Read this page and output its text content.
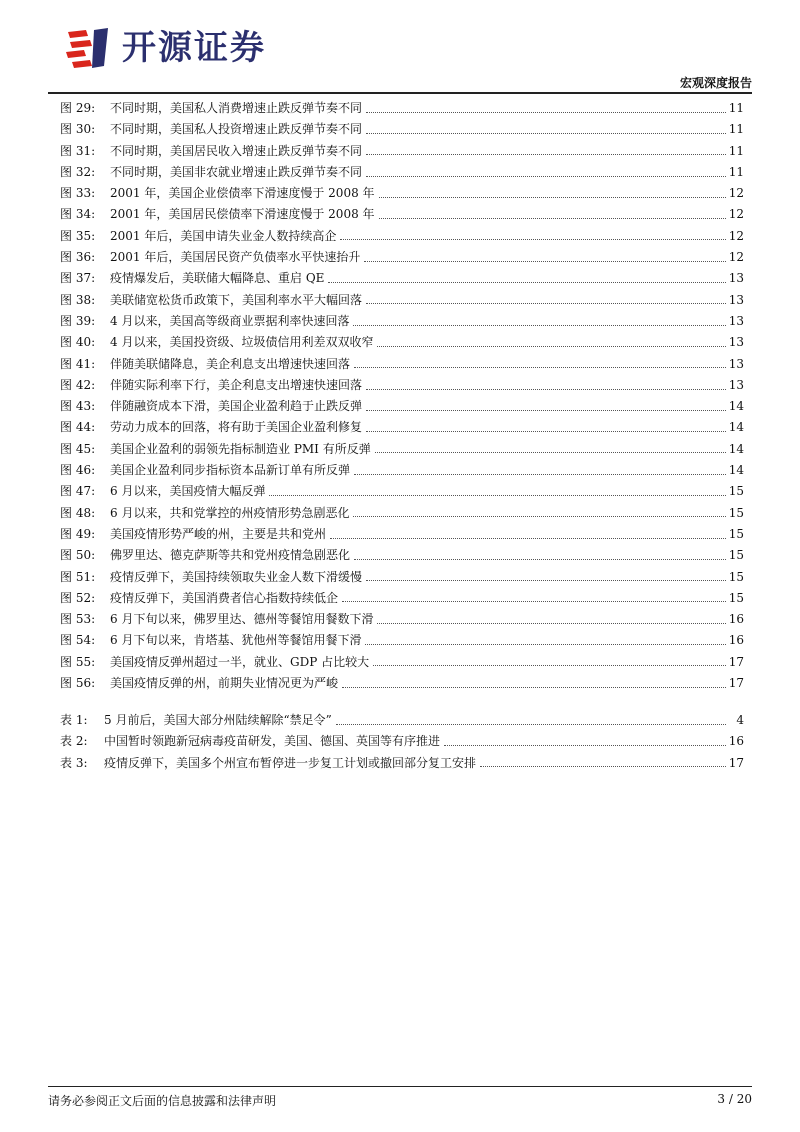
开源证券
宏观深度报告
图 29:	不同时期，美国私人消费增速止跌反弹节奏不同	11
图 30:	不同时期，美国私人投资增速止跌反弹节奏不同	11
图 31:	不同时期，美国居民收入增速止跌反弹节奏不同	11
图 32:	不同时期，美国非农就业增速止跌反弹节奏不同	11
图 33:	2001 年，美国企业偿债率下滑速度慢于 2008 年	12
图 34:	2001 年，美国居民偿债率下滑速度慢于 2008 年	12
图 35:	2001 年后，美国申请失业金人数持续高企	12
图 36:	2001 年后，美国居民资产负债率水平快速抬升	12
图 37:	疫情爆发后，美联储大幅降息、重启 QE	13
图 38:	美联储宽松货币政策下，美国利率水平大幅回落	13
图 39:	4 月以来，美国高等级商业票据利率快速回落	13
图 40:	4 月以来，美国投资级、垃圾债信用利差双双收窄	13
图 41:	伴随美联储降息，美企利息支出增速快速回落	13
图 42:	伴随实际利率下行，美企利息支出增速快速回落	13
图 43:	伴随融资成本下滑，美国企业盈利趋于止跌反弹	14
图 44:	劳动力成本的回落，将有助于美国企业盈利修复	14
图 45:	美国企业盈利的弱领先指标制造业 PMI 有所反弹	14
图 46:	美国企业盈利同步指标资本品新订单有所反弹	14
图 47:	6 月以来，美国疫情大幅反弹	15
图 48:	6 月以来，共和党掌控的州疫情形势急剧恶化	15
图 49:	美国疫情形势严峻的州，主要是共和党州	15
图 50:	佛罗里达、德克萨斯等共和党州疫情急剧恶化	15
图 51:	疫情反弹下，美国持续领取失业金人数下滑缓慢	15
图 52:	疫情反弹下，美国消费者信心指数持续低企	15
图 53:	6 月下旬以来，佛罗里达、德州等餐馆用餐数下滑	16
图 54:	6 月下旬以来，肯塔基、犹他州等餐馆用餐下滑	16
图 55:	美国疫情反弹州超过一半，就业、GDP 占比较大	17
图 56:	美国疫情反弹的州，前期失业情况更为严峻	17
表 1:	5 月前后，美国大部分州陆续解除“禁足令”	4
表 2:	中国暂时领跑新冠病毒疫苗研发，美国、德国、英国等有序推进	16
表 3:	疫情反弹下，美国多个州宣布暂停进一步复工计划或撤回部分复工安排	17
请务必参阅正文后面的信息披露和法律声明	3 / 20
